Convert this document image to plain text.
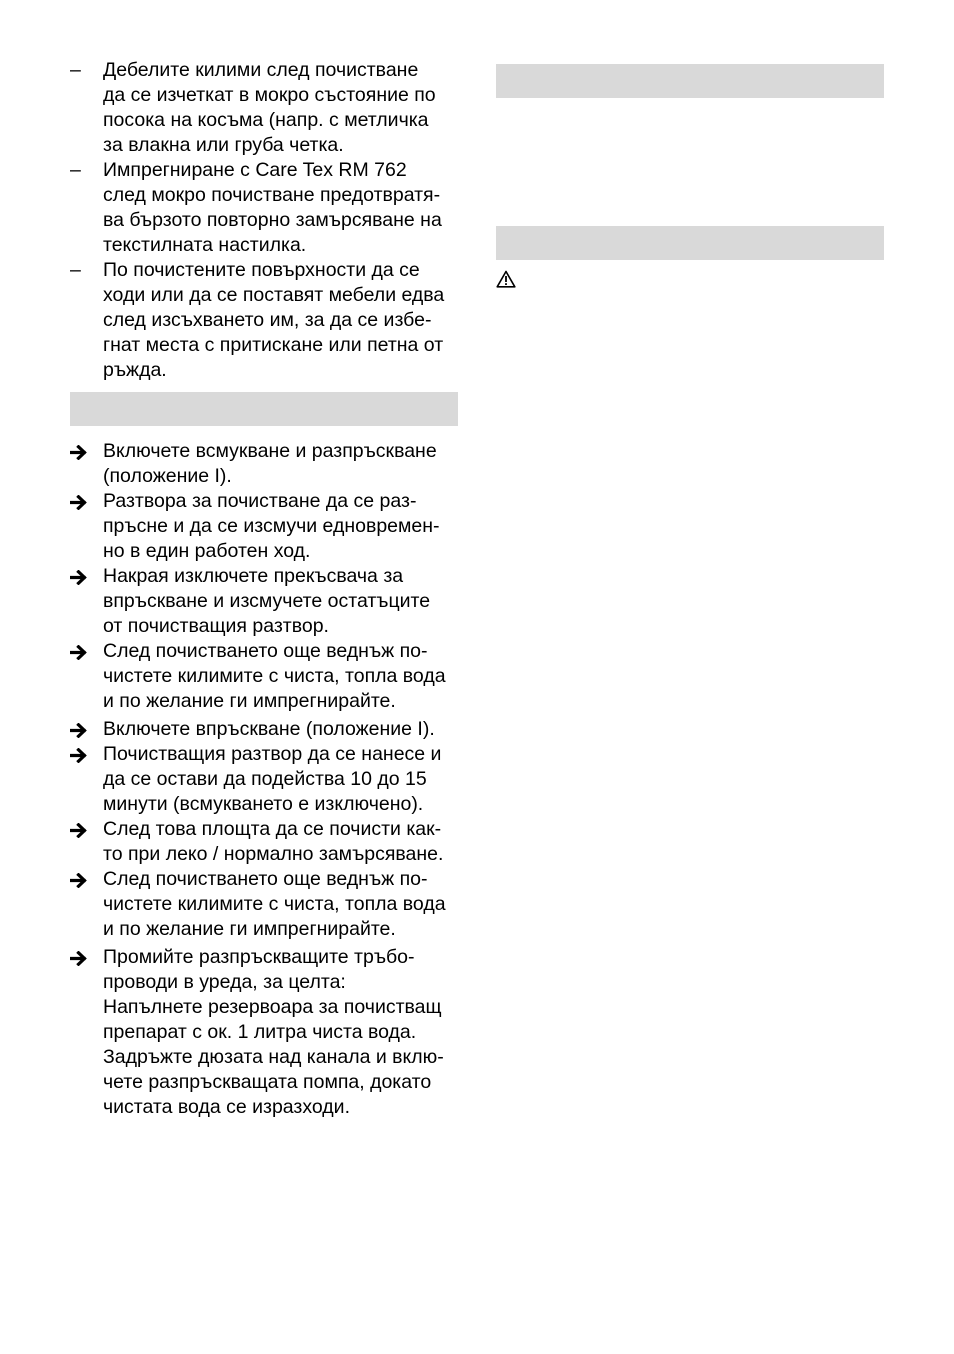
–	Дебелите килими след почистване
да се изчеткат в мокро състояние по
посока на косъма (напр. с метличка
за влакна или груба четка.
–	Импрегниране с Care Tex RM 762
след мокро почистване предотвратя-
ва бързото повторно замърсяване на
текстилната настилка.
–	По почистените повърхности да се
ходи или да се поставят мебели едва
след изсъхването им, за да се избе-
гнат места с притискане или петна от
ръжда.
Включете всмукване и разпръскване
(положение I).
Разтвора за почистване да се раз-
пръсне и да се изсмучи едновремен-
но в един работен ход.
Накрая изключете прекъсвача за
впръскване и изсмучете остатъците
от почистващия разтвор.
След почистването още веднъж по-
чистете килимите с чиста, топла вода
и по желание ги импрегнирайте.
Включете впръскване (положение I).
Почистващия разтвор да се нанесе и
да се остави да подейства 10 до 15
минути (всмукването е изключено).
След това площта да се почисти как-
то при леко / нормално замърсяване.
След почистването още веднъж по-
чистете килимите с чиста, топла вода
и по желание ги импрегнирайте.
Промийте разпръскващите тръбо-
проводи в уреда, за целта:
Напълнете резервоара за почистващ
препарат с ок. 1 литра чиста вода.
Задръжте дюзата над канала и вклю-
чете разпръскващата помпа, докато
чистата вода се изразходи.
